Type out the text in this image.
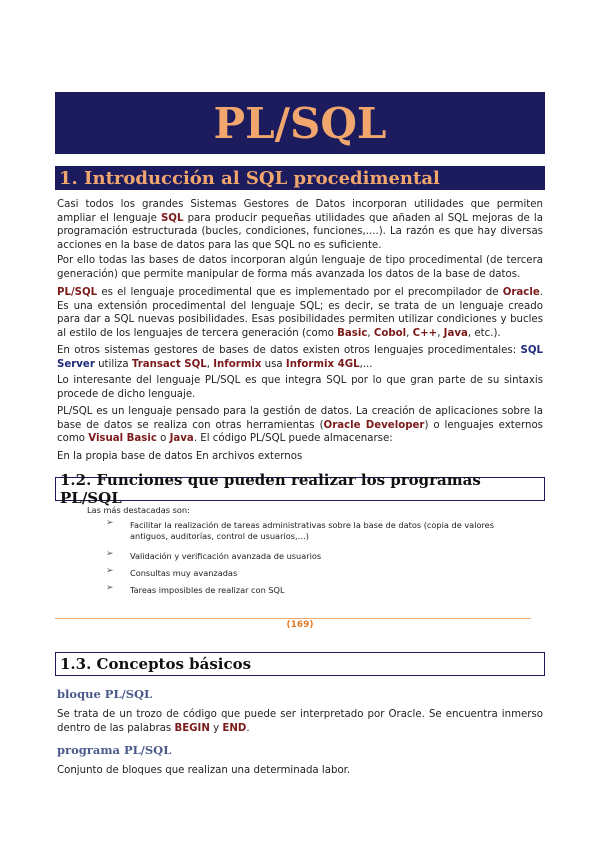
PL/SQL
1. Introducción al SQL procedimental
Casi todos los grandes Sistemas Gestores de Datos incorporan utilidades que permiten ampliar el lenguaje SQL para producir pequeñas utilidades que añaden al SQL mejoras de la programación estructurada (bucles, condiciones, funciones,....). La razón es que hay diversas acciones en la base de datos para las que SQL no es suficiente.
Por ello todas las bases de datos incorporan algún lenguaje de tipo procedimental (de tercera generación) que permite manipular de forma más avanzada los datos de la base de datos.
PL/SQL es el lenguaje procedimental que es implementado por el precompilador de Oracle. Es una extensión procedimental del lenguaje SQL; es decir, se trata de un lenguaje creado para dar a SQL nuevas posibilidades. Esas posibilidades permiten utilizar condiciones y bucles al estilo de los lenguajes de tercera generación (como Basic, Cobol, C++, Java, etc.).
En otros sistemas gestores de bases de datos existen otros lenguajes procedimentales: SQL Server utiliza Transact SQL, Informix usa Informix 4GL,...
Lo interesante del lenguaje PL/SQL es que integra SQL por lo que gran parte de su sintaxis procede de dicho lenguaje.
PL/SQL es un lenguaje pensado para la gestión de datos. La creación de aplicaciones sobre la base de datos se realiza con otras herramientas (Oracle Developer) o lenguajes externos como Visual Basic o Java. El código PL/SQL puede almacenarse:
En la propia base de datos En archivos externos
1.2. Funciones que pueden realizar los programas PL/SQL
Las más destacadas son:
➢ Facilitar la realización de tareas administrativas sobre la base de datos (copia de valores antiguos, auditorías, control de usuarios,…)
➢ Validación y verificación avanzada de usuarios
➢ Consultas muy avanzadas
➢ Tareas imposibles de realizar con SQL
(169)
1.3. Conceptos básicos
bloque PL/SQL
Se trata de un trozo de código que puede ser interpretado por Oracle. Se encuentra inmerso dentro de las palabras BEGIN y END.
programa PL/SQL
Conjunto de bloques que realizan una determinada labor.
